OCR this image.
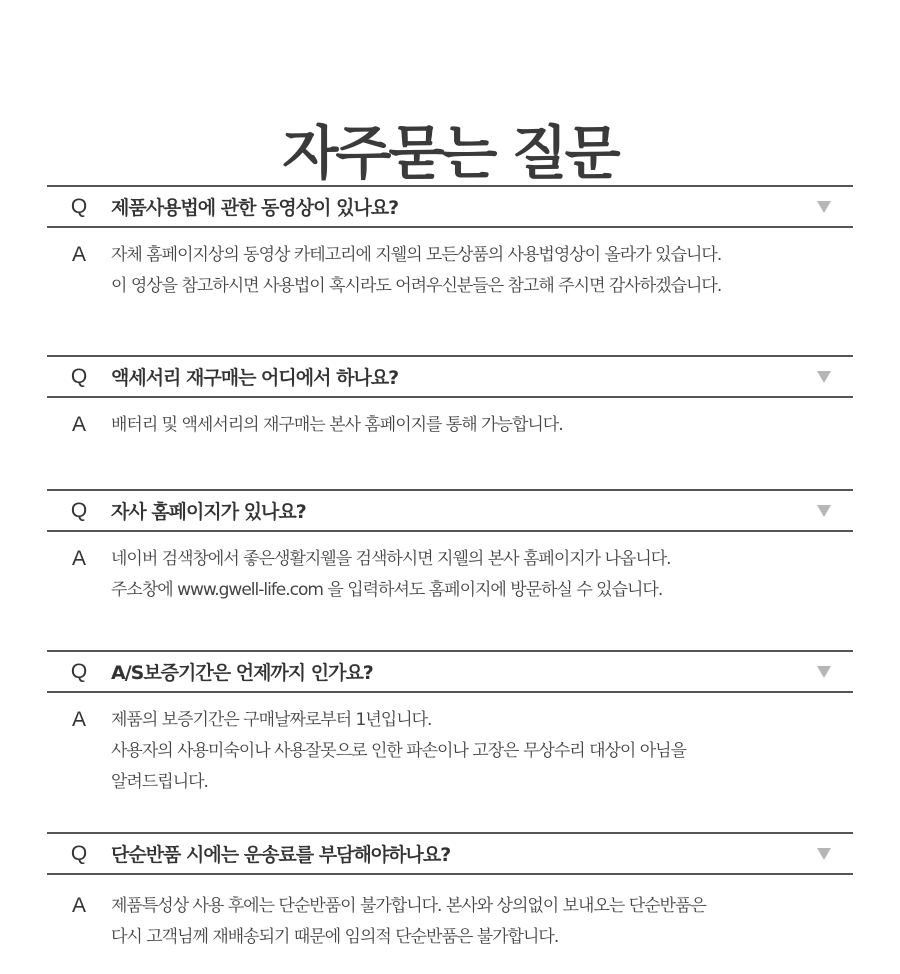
자주묻는 질문
Q	제품사용법에 관한 동영상이 있나요?
A	자체 홈페이지상의 동영상 카테고리에 지웰의 모든상품의 사용법영상이 올라가 있습니다.
이 영상을 참고하시면 사용법이 혹시라도 어려우신분들은 참고해 주시면 감사하겠습니다.
Q	액세서리 재구매는 어디에서 하나요?
A	배터리 및 액세서리의 재구매는 본사 홈페이지를 통해 가능합니다.
Q	자사 홈페이지가 있나요?
A	네이버 검색창에서 좋은생활지웰을 검색하시면 지웰의 본사 홈페이지가 나옵니다.
주소창에 www.gwell-life.com 을 입력하셔도 홈페이지에 방문하실 수 있습니다.
Q	A/S보증기간은 언제까지 인가요?
A	제품의 보증기간은 구매날짜로부터 1년입니다.
사용자의 사용미숙이나 사용잘못으로 인한 파손이나 고장은 무상수리 대상이 아님을
알려드립니다.
Q	단순반품 시에는 운송료를 부담해야하나요?
A	제품특성상 사용 후에는 단순반품이 불가합니다. 본사와 상의없이 보내오는 단순반품은
다시 고객님께 재배송되기 때문에 임의적 단순반품은 불가합니다.
